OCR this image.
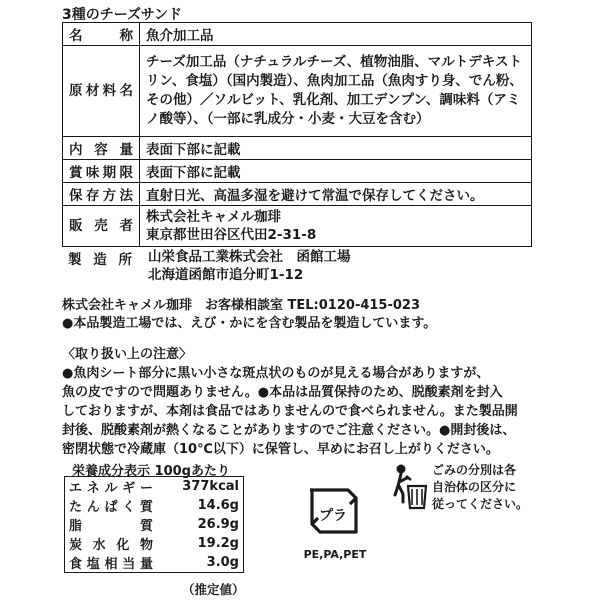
3種のチーズサンド
名　　称	魚介加工品
原材料名	チーズ加工品（ナチュラルチーズ、植物油脂、マルトデキスト
リン、食塩）（国内製造）、魚肉加工品（魚肉すり身、でん粉、
その他）／ソルビット、乳化剤、加工デンプン、調味料（アミ
ノ酸等）、（一部に乳成分・小麦・大豆を含む）

内 容 量	表面下部に記載
賞味期限	表面下部に記載
保存方法	直射日光、高温多湿を避けて常温で保存してください。
販 売 者	株式会社キャメル珈琲
東京都世田谷区代田2-31-8
製 造 所 山栄食品工業株式会社　函館工場
北海道函館市追分町1-12
株式会社キャメル珈琲　お客様相談室 TEL:0120-415-023
●本品製造工場では、えび・かにを含む製品を製造しています。
〈取り扱い上の注意〉
●魚肉シート部分に黒い小さな斑点状のものが見える場合がありますが、
魚の皮ですので問題ありません。●本品は品質保持のため、脱酸素剤を封入
しておりますが、本剤は食品ではありませんので食べられません。また製品開
封後、脱酸素剤が熱くなることがありますのでご注意ください。●開封後は、
密閉状態で冷蔵庫（10℃以下）に保管し、早めにお召し上がりください。
栄養成分表示 100gあたり
エネルギー	377kcal
たんぱく質	14.6g
脂　質	26.9g
炭水化物	19.2g
食塩相当量	3.0g
（推定値）
プラ
PE,PA,PET
ごみの分別は各
自治体の区分に
従ってください。
